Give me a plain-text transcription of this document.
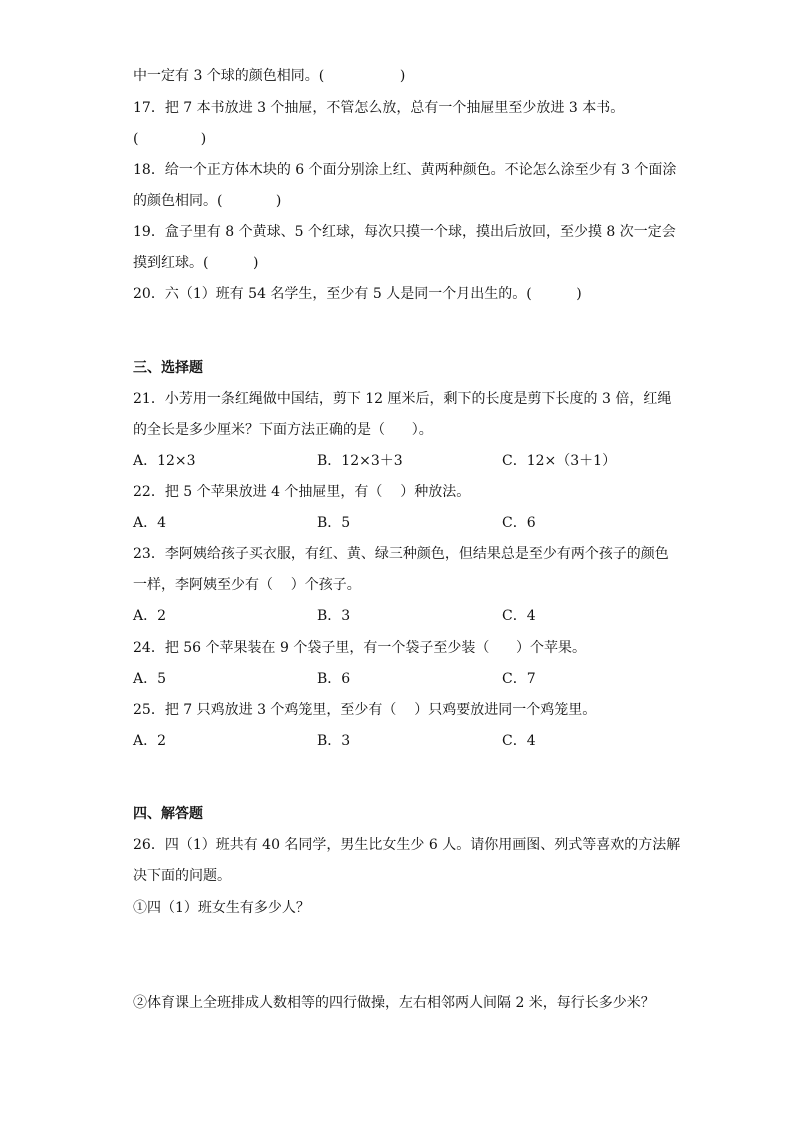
中一定有 3 个球的颜色相同。(                 )
17．把 7 本书放进 3 个抽屉，不管怎么放，总有一个抽屉里至少放进 3 本书。
(              )
18．给一个正方体木块的 6 个面分别涂上红、黄两种颜色。不论怎么涂至少有 3 个面涂
的颜色相同。(            )
19．盒子里有 8 个黄球、5 个红球，每次只摸一个球，摸出后放回，至少摸 8 次一定会
摸到红球。(          )
20．六（1）班有 54 名学生，至少有 5 人是同一个月出生的。(          )
三、选择题
21．小芳用一条红绳做中国结，剪下 12 厘米后，剩下的长度是剪下长度的 3 倍，红绳
的全长是多少厘米？下面方法正确的是（      ）。
A．12×3	B．12×3＋3	C．12×（3＋1）
22．把 5 个苹果放进 4 个抽屉里，有（    ）种放法。
A．4	B．5	C．6
23．李阿姨给孩子买衣服，有红、黄、绿三种颜色，但结果总是至少有两个孩子的颜色
一样，李阿姨至少有（    ）个孩子。
A．2	B．3	C．4
24．把 56 个苹果装在 9 个袋子里，有一个袋子至少装（      ）个苹果。
A．5	B．6	C．7
25．把 7 只鸡放进 3 个鸡笼里，至少有（    ）只鸡要放进同一个鸡笼里。
A．2	B．3	C．4
四、解答题
26．四（1）班共有 40 名同学，男生比女生少 6 人。请你用画图、列式等喜欢的方法解
决下面的问题。
①四（1）班女生有多少人？
②体育课上全班排成人数相等的四行做操，左右相邻两人间隔 2 米，每行长多少米？
